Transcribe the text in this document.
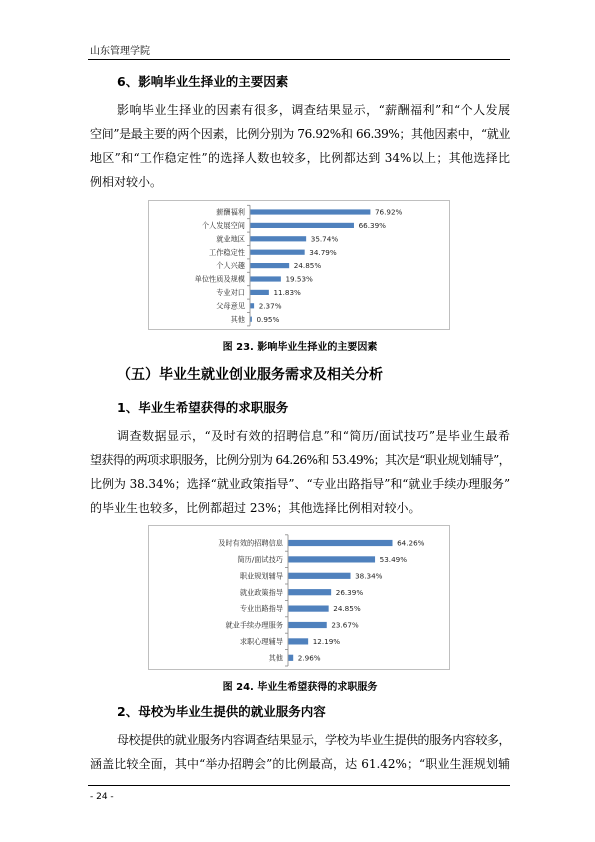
山东管理学院
6、影响毕业生择业的主要因素
影响毕业生择业的因素有很多，调查结果显示，“薪酬福利”和“个人发展
空间”是最主要的两个因素，比例分别为 76.92%和 66.39%；其他因素中，“就业
地区”和“工作稳定性”的选择人数也较多，比例都达到 34%以上；其他选择比
例相对较小。
薪酬福利	76.92%
个人发展空间	66.39%
就业地区	35.74%
工作稳定性	34.79%
个人兴趣	24.85%
单位性质及规模	19.53%
专业对口	11.83%
父母意见 2.37%
其他 0.95%
图 23. 影响毕业生择业的主要因素
（五）毕业生就业创业服务需求及相关分析
1、毕业生希望获得的求职服务
调查数据显示，“及时有效的招聘信息”和“简历/面试技巧”是毕业生最希
望获得的两项求职服务，比例分别为 64.26%和 53.49%；其次是“职业规划辅导”，
比例为 38.34%；选择“就业政策指导”、“专业出路指导”和“就业手续办理服务”
的毕业生也较多，比例都超过 23%；其他选择比例相对较小。
及时有效的招聘信息	64.26%
简历/面试技巧	53.49%
职业规划辅导	38.34%
就业政策指导	26.39%
专业出路指导	24.85%
就业手续办理服务	23.67%
求职心理辅导	12.19%
其他 2.96%
图 24. 毕业生希望获得的求职服务
2、母校为毕业生提供的就业服务内容
母校提供的就业服务内容调查结果显示，学校为毕业生提供的服务内容较多，
涵盖比较全面，其中“举办招聘会”的比例最高，达 61.42%；“职业生涯规划辅
- 24 -
